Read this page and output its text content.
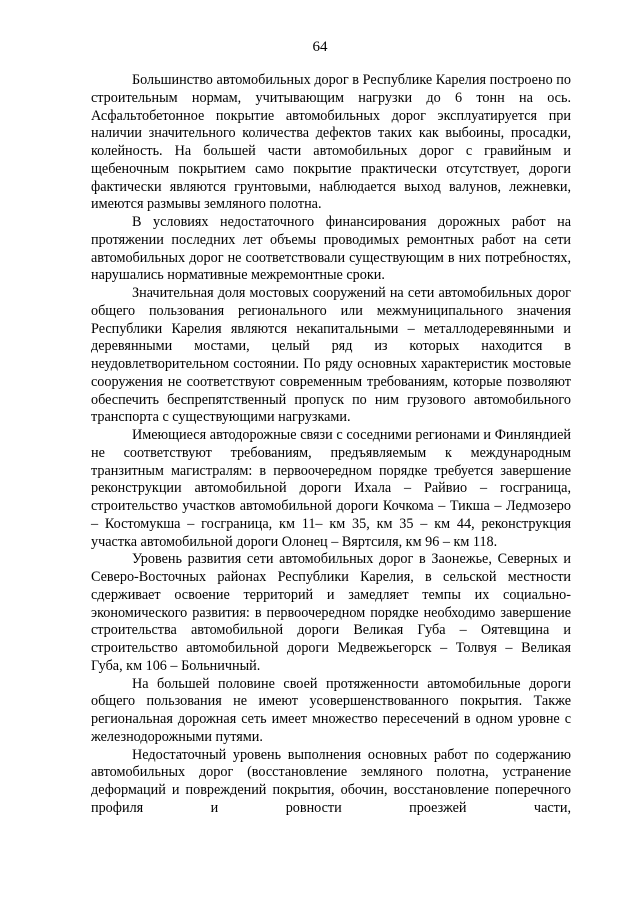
64

Большинство автомобильных дорог в Республике Карелия построено по строительным нормам, учитывающим нагрузки до 6 тонн на ось. Асфальтобетонное покрытие автомобильных дорог эксплуатируется при наличии значительного количества дефектов таких как выбоины, просадки, колейность. На большей части автомобильных дорог с гравийным и щебеночным покрытием само покрытие практически отсутствует, дороги фактически являются грунтовыми, наблюдается выход валунов, лежневки, имеются размывы земляного полотна.

В условиях недостаточного финансирования дорожных работ на протяжении последних лет объемы проводимых ремонтных работ на сети автомобильных дорог не соответствовали существующим в них потребностях, нарушались нормативные межремонтные сроки.

Значительная доля мостовых сооружений на сети автомобильных дорог общего пользования регионального или межмуниципального значения Республики Карелия являются некапитальными – металлодеревянными и деревянными мостами, целый ряд из которых находится в неудовлетворительном состоянии. По ряду основных характеристик мостовые сооружения не соответствуют современным требованиям, которые позволяют обеспечить беспрепятственный пропуск по ним грузового автомобильного транспорта с существующими нагрузками.

Имеющиеся автодорожные связи с соседними регионами и Финляндией не соответствуют требованиям, предъявляемым к международным транзитным магистралям: в первоочередном порядке требуется завершение реконструкции автомобильной дороги Ихала – Райвио – госграница, строительство участков автомобильной дороги Кочкома – Тикша – Ледмозеро – Костомукша – госграница, км 11– км 35, км 35 – км 44, реконструкция участка автомобильной дороги Олонец – Вяртсиля, км 96 – км 118.

Уровень развития сети автомобильных дорог в Заонежье, Северных и Северо-Восточных районах Республики Карелия, в сельской местности сдерживает освоение территорий и замедляет темпы их социально-экономического развития: в первоочередном порядке необходимо завершение строительства автомобильной дороги Великая Губа – Оятевщина и строительство автомобильной дороги Медвежьегорск – Толвуя – Великая Губа, км 106 – Больничный.

На большей половине своей протяженности автомобильные дороги общего пользования не имеют усовершенствованного покрытия. Также региональная дорожная сеть имеет множество пересечений в одном уровне с железнодорожными путями.

Недостаточный уровень выполнения основных работ по содержанию автомобильных дорог (восстановление земляного полотна, устранение деформаций и повреждений покрытия, обочин, восстановление поперечного профиля и ровности проезжей части,
